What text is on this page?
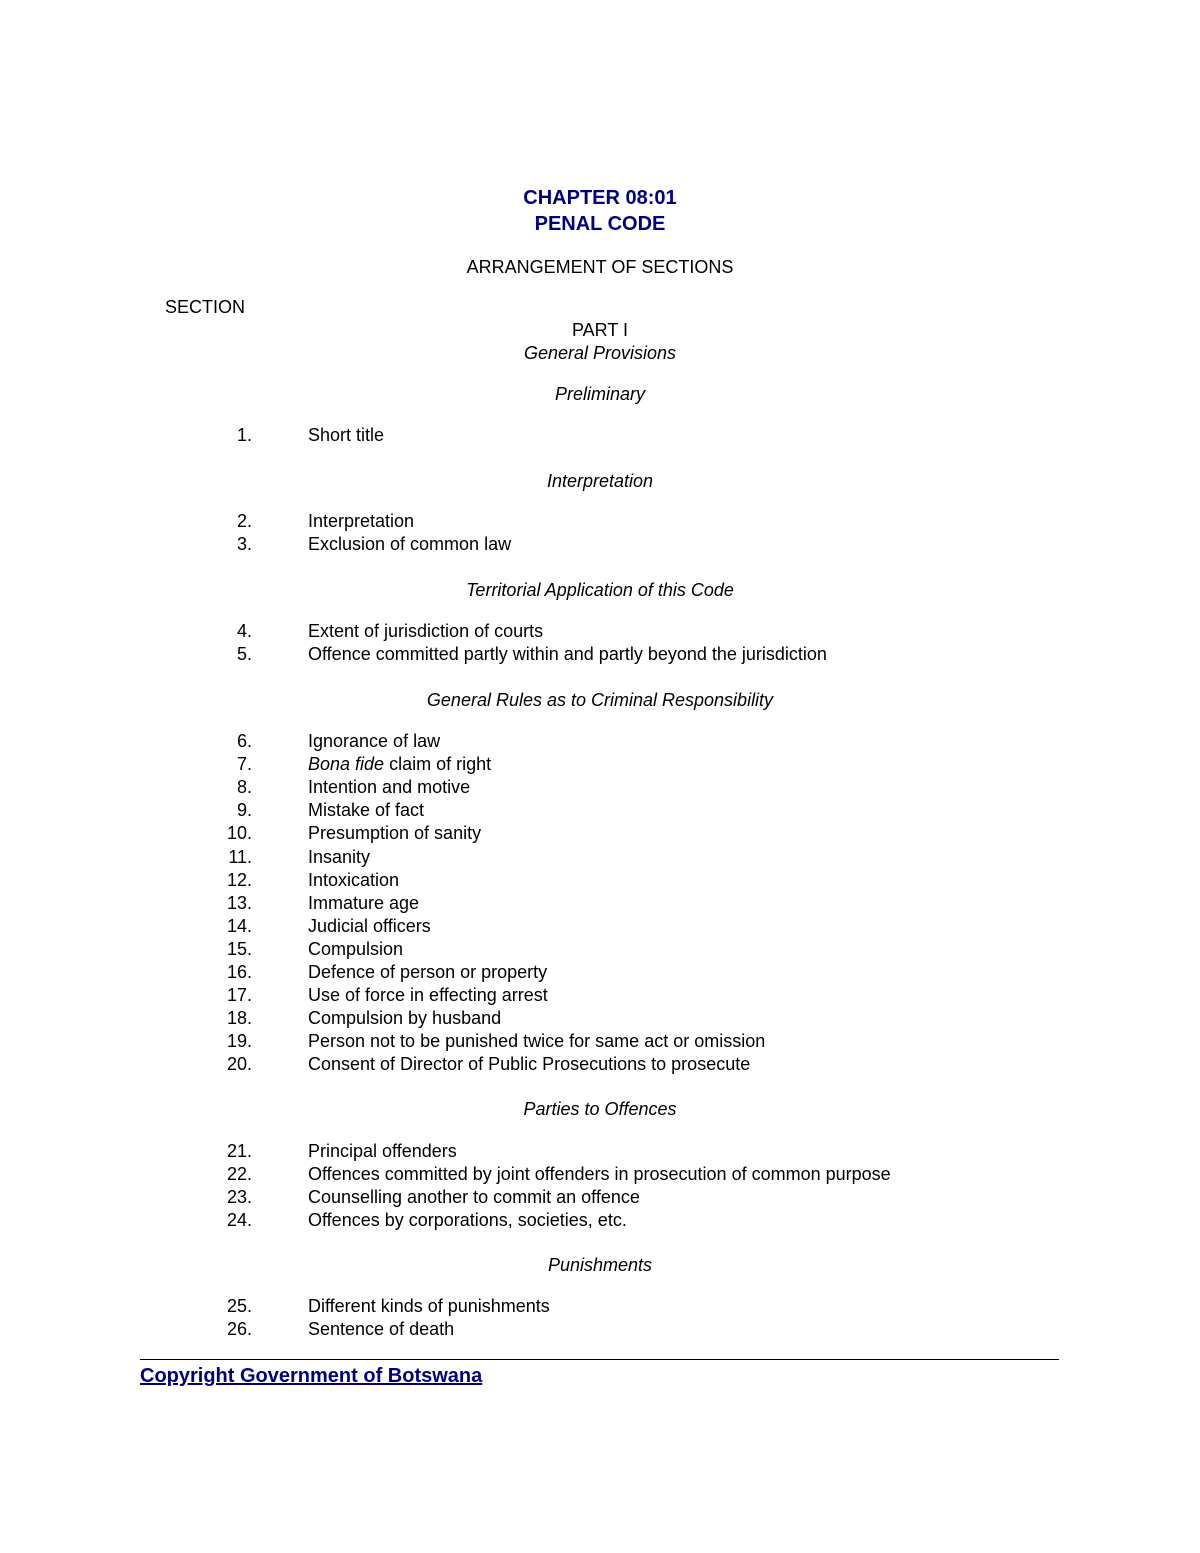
CHAPTER 08:01
PENAL CODE
ARRANGEMENT OF SECTIONS
SECTION
PART I
General Provisions
Preliminary
1.	Short title
Interpretation
2.	Interpretation
3.	Exclusion of common law
Territorial Application of this Code
4.	Extent of jurisdiction of courts
5.	Offence committed partly within and partly beyond the jurisdiction
General Rules as to Criminal Responsibility
6.	Ignorance of law
7.	Bona fide claim of right
8.	Intention and motive
9.	Mistake of fact
10.	Presumption of sanity
11.	Insanity
12.	Intoxication
13.	Immature age
14.	Judicial officers
15.	Compulsion
16.	Defence of person or property
17.	Use of force in effecting arrest
18.	Compulsion by husband
19.	Person not to be punished twice for same act or omission
20.	Consent of Director of Public Prosecutions to prosecute
Parties to Offences
21.	Principal offenders
22.	Offences committed by joint offenders in prosecution of common purpose
23.	Counselling another to commit an offence
24.	Offences by corporations, societies, etc.
Punishments
25.	Different kinds of punishments
26.	Sentence of death
Copyright Government of Botswana
